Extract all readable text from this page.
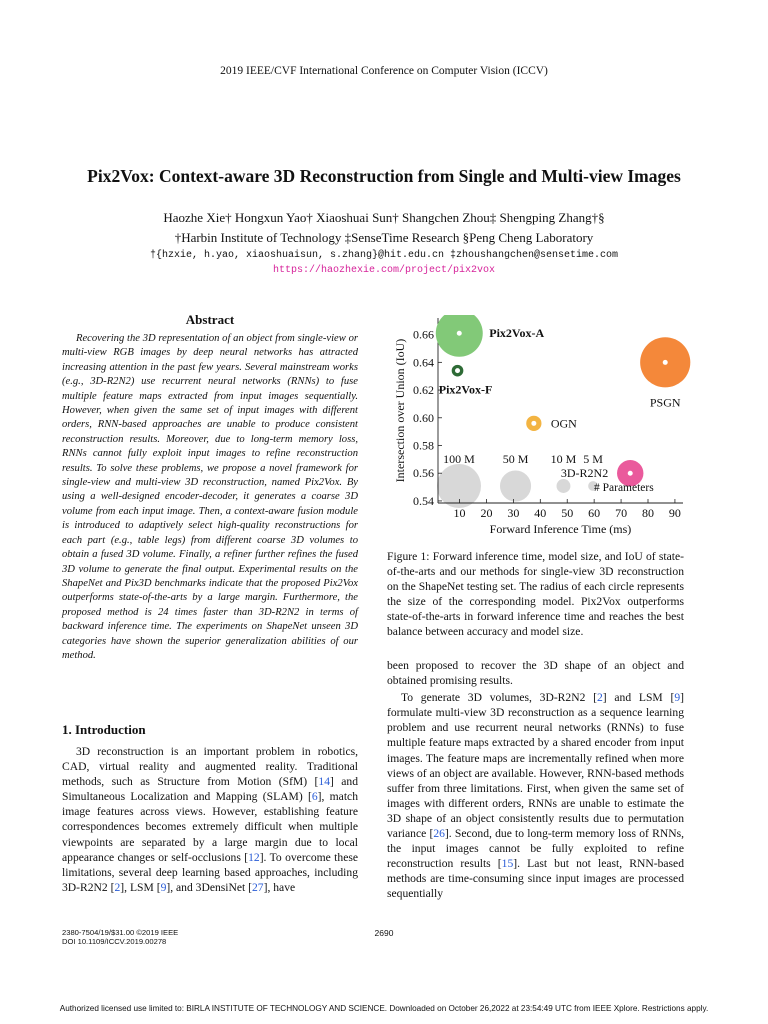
2019 IEEE/CVF International Conference on Computer Vision (ICCV)
Pix2Vox: Context-aware 3D Reconstruction from Single and Multi-view Images
Haozhe Xie† Hongxun Yao† Xiaoshuai Sun† Shangchen Zhou‡ Shengping Zhang†§
†Harbin Institute of Technology ‡SenseTime Research §Peng Cheng Laboratory
†{hzxie, h.yao, xiaoshuaisun, s.zhang}@hit.edu.cn ‡zhoushangchen@sensetime.com
https://haozhexie.com/project/pix2vox
Abstract
Recovering the 3D representation of an object from single-view or multi-view RGB images by deep neural networks has attracted increasing attention in the past few years. Several mainstream works (e.g., 3D-R2N2) use recurrent neural networks (RNNs) to fuse multiple feature maps extracted from input images sequentially. However, when given the same set of input images with different orders, RNN-based approaches are unable to produce consistent reconstruction results. Moreover, due to long-term memory loss, RNNs cannot fully exploit input images to refine reconstruction results. To solve these problems, we propose a novel framework for single-view and multi-view 3D reconstruction, named Pix2Vox. By using a well-designed encoder-decoder, it generates a coarse 3D volume from each input image. Then, a context-aware fusion module is introduced to adaptively select high-quality reconstructions for each part (e.g., table legs) from different coarse 3D volumes to obtain a fused 3D volume. Finally, a refiner further refines the fused 3D volume to generate the final output. Experimental results on the ShapeNet and Pix3D benchmarks indicate that the proposed Pix2Vox outperforms state-of-the-arts by a large margin. Furthermore, the proposed method is 24 times faster than 3D-R2N2 in terms of backward inference time. The experiments on ShapeNet unseen 3D categories have shown the superior generalization abilities of our method.
1. Introduction
3D reconstruction is an important problem in robotics, CAD, virtual reality and augmented reality. Traditional methods, such as Structure from Motion (SfM) [14] and Simultaneous Localization and Mapping (SLAM) [6], match image features across views. However, establishing feature correspondences becomes extremely difficult when multiple viewpoints are separated by a large margin due to local appearance changes or self-occlusions [12]. To overcome these limitations, several deep learning based approaches, including 3D-R2N2 [2], LSM [9], and 3DensiNet [27], have
0.54
0.56
0.58
0.60
0.62
0.64
0.66
10 20 30 40 50 60 70 80 90
Forward Inference Time (ms)
Intersection over Union (IoU)
Pix2Vox-A
Pix2Vox-F
OGN
PSGN
3D-R2N2
100 M 50 M 10 M 5 M
# Parameters
Figure 1: Forward inference time, model size, and IoU of state-of-the-arts and our methods for single-view 3D reconstruction on the ShapeNet testing set. The radius of each circle represents the size of the corresponding model. Pix2Vox outperforms state-of-the-arts in forward inference time and reaches the best balance between accuracy and model size.

been proposed to recover the 3D shape of an object and obtained promising results.

To generate 3D volumes, 3D-R2N2 [2] and LSM [9] formulate multi-view 3D reconstruction as a sequence learning problem and use recurrent neural networks (RNNs) to fuse multiple feature maps extracted by a shared encoder from input images. The feature maps are incrementally refined when more views of an object are available. However, RNN-based methods suffer from three limitations. First, when given the same set of images with different orders, RNNs are unable to estimate the 3D shape of an object consistently results due to permutation variance [26]. Second, due to long-term memory loss of RNNs, the input images cannot be fully exploited to refine reconstruction results [15]. Last but not least, RNN-based methods are time-consuming since input images are processed sequentially

2380-7504/19/$31.00 ©2019 IEEE
DOI 10.1109/ICCV.2019.00278
2690
Authorized licensed use limited to: BIRLA INSTITUTE OF TECHNOLOGY AND SCIENCE. Downloaded on October 26,2022 at 23:54:49 UTC from IEEE Xplore. Restrictions apply.
